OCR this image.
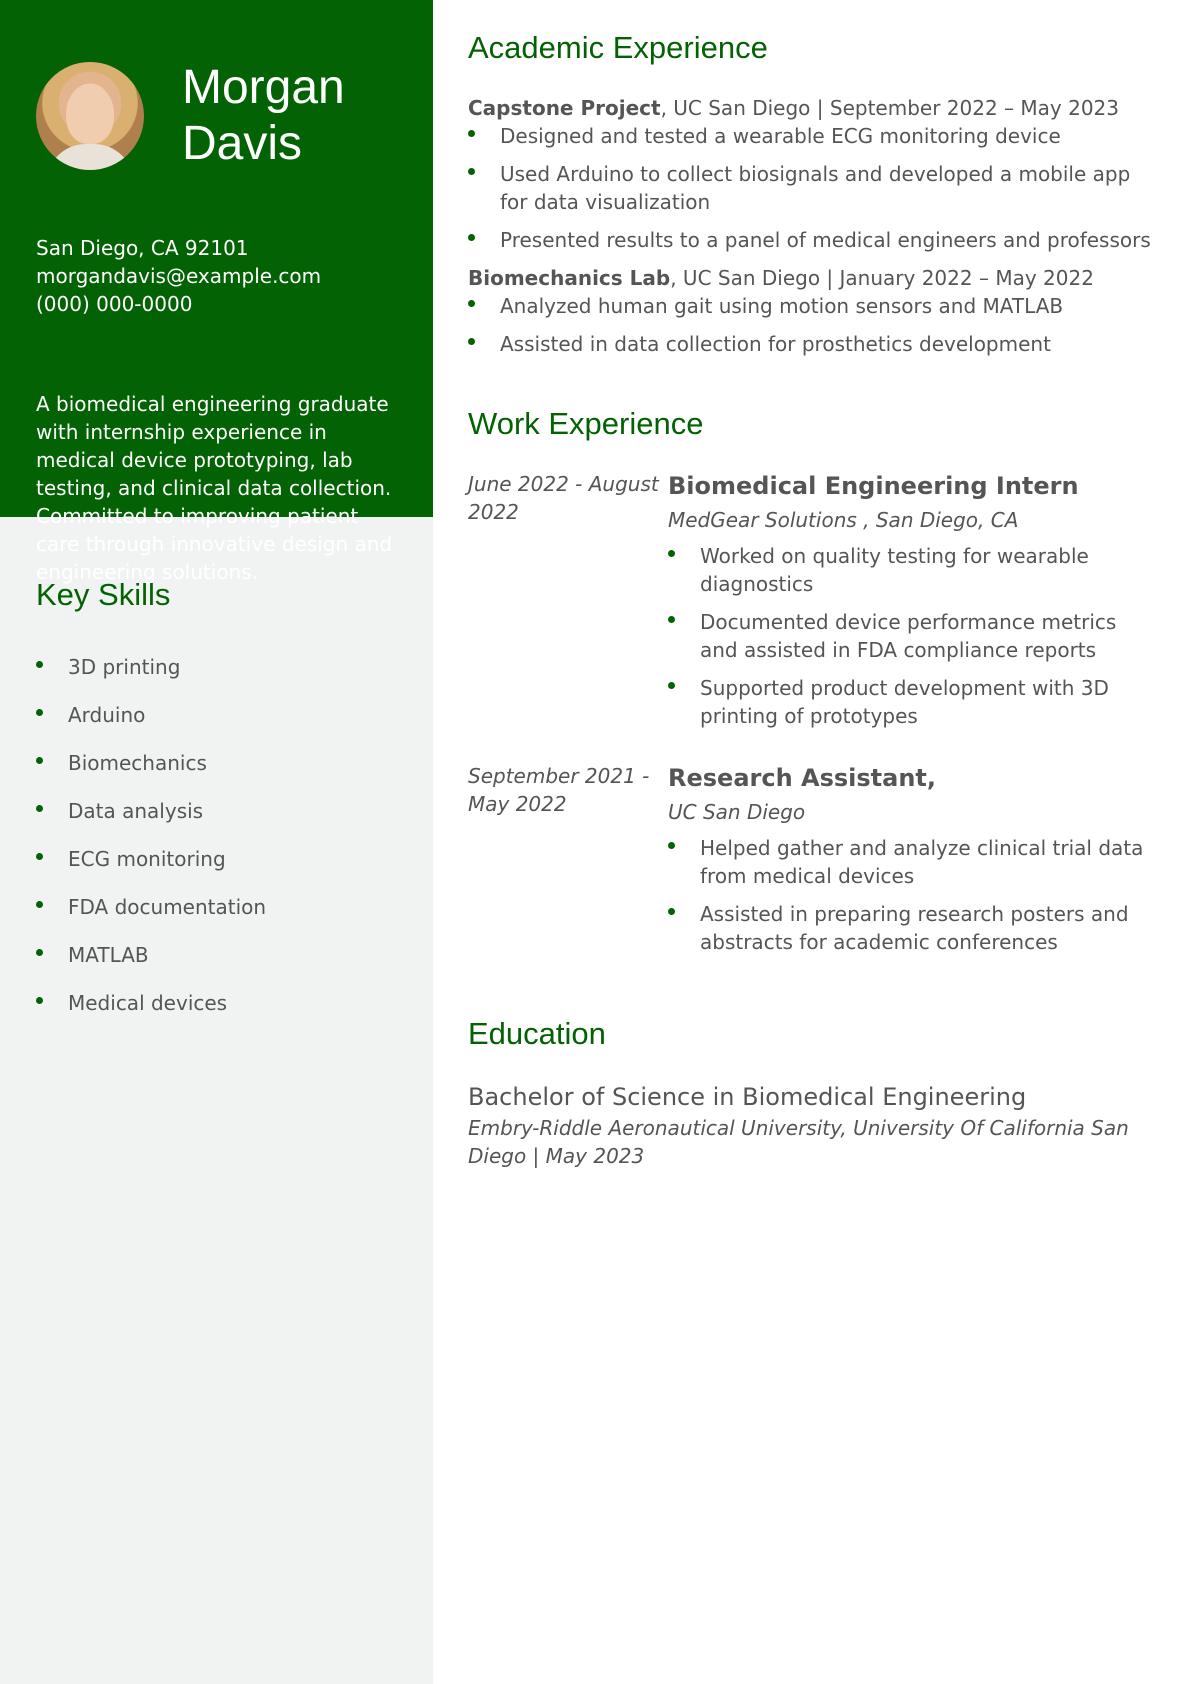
Morgan
Davis
San Diego, CA 92101
morgandavis@example.com
(000) 000-0000
A biomedical engineering graduate with internship experience in medical device prototyping, lab testing, and clinical data collection. Committed to improving patient care through innovative design and engineering solutions.
Key Skills
3D printing
Arduino
Biomechanics
Data analysis
ECG monitoring
FDA documentation
MATLAB
Medical devices
Academic Experience
Capstone Project, UC San Diego | September 2022 – May 2023
Designed and tested a wearable ECG monitoring device
Used Arduino to collect biosignals and developed a mobile app for data visualization
Presented results to a panel of medical engineers and professors
Biomechanics Lab, UC San Diego | January 2022 – May 2022
Analyzed human gait using motion sensors and MATLAB
Assisted in data collection for prosthetics development
Work Experience
June 2022 - August 2022
Biomedical Engineering Intern
MedGear Solutions , San Diego, CA
Worked on quality testing for wearable diagnostics
Documented device performance metrics and assisted in FDA compliance reports
Supported product development with 3D printing of prototypes
September 2021 - May 2022
Research Assistant,
UC San Diego
Helped gather and analyze clinical trial data from medical devices
Assisted in preparing research posters and abstracts for academic conferences
Education
Bachelor of Science in Biomedical Engineering
Embry-Riddle Aeronautical University, University Of California San Diego | May 2023
